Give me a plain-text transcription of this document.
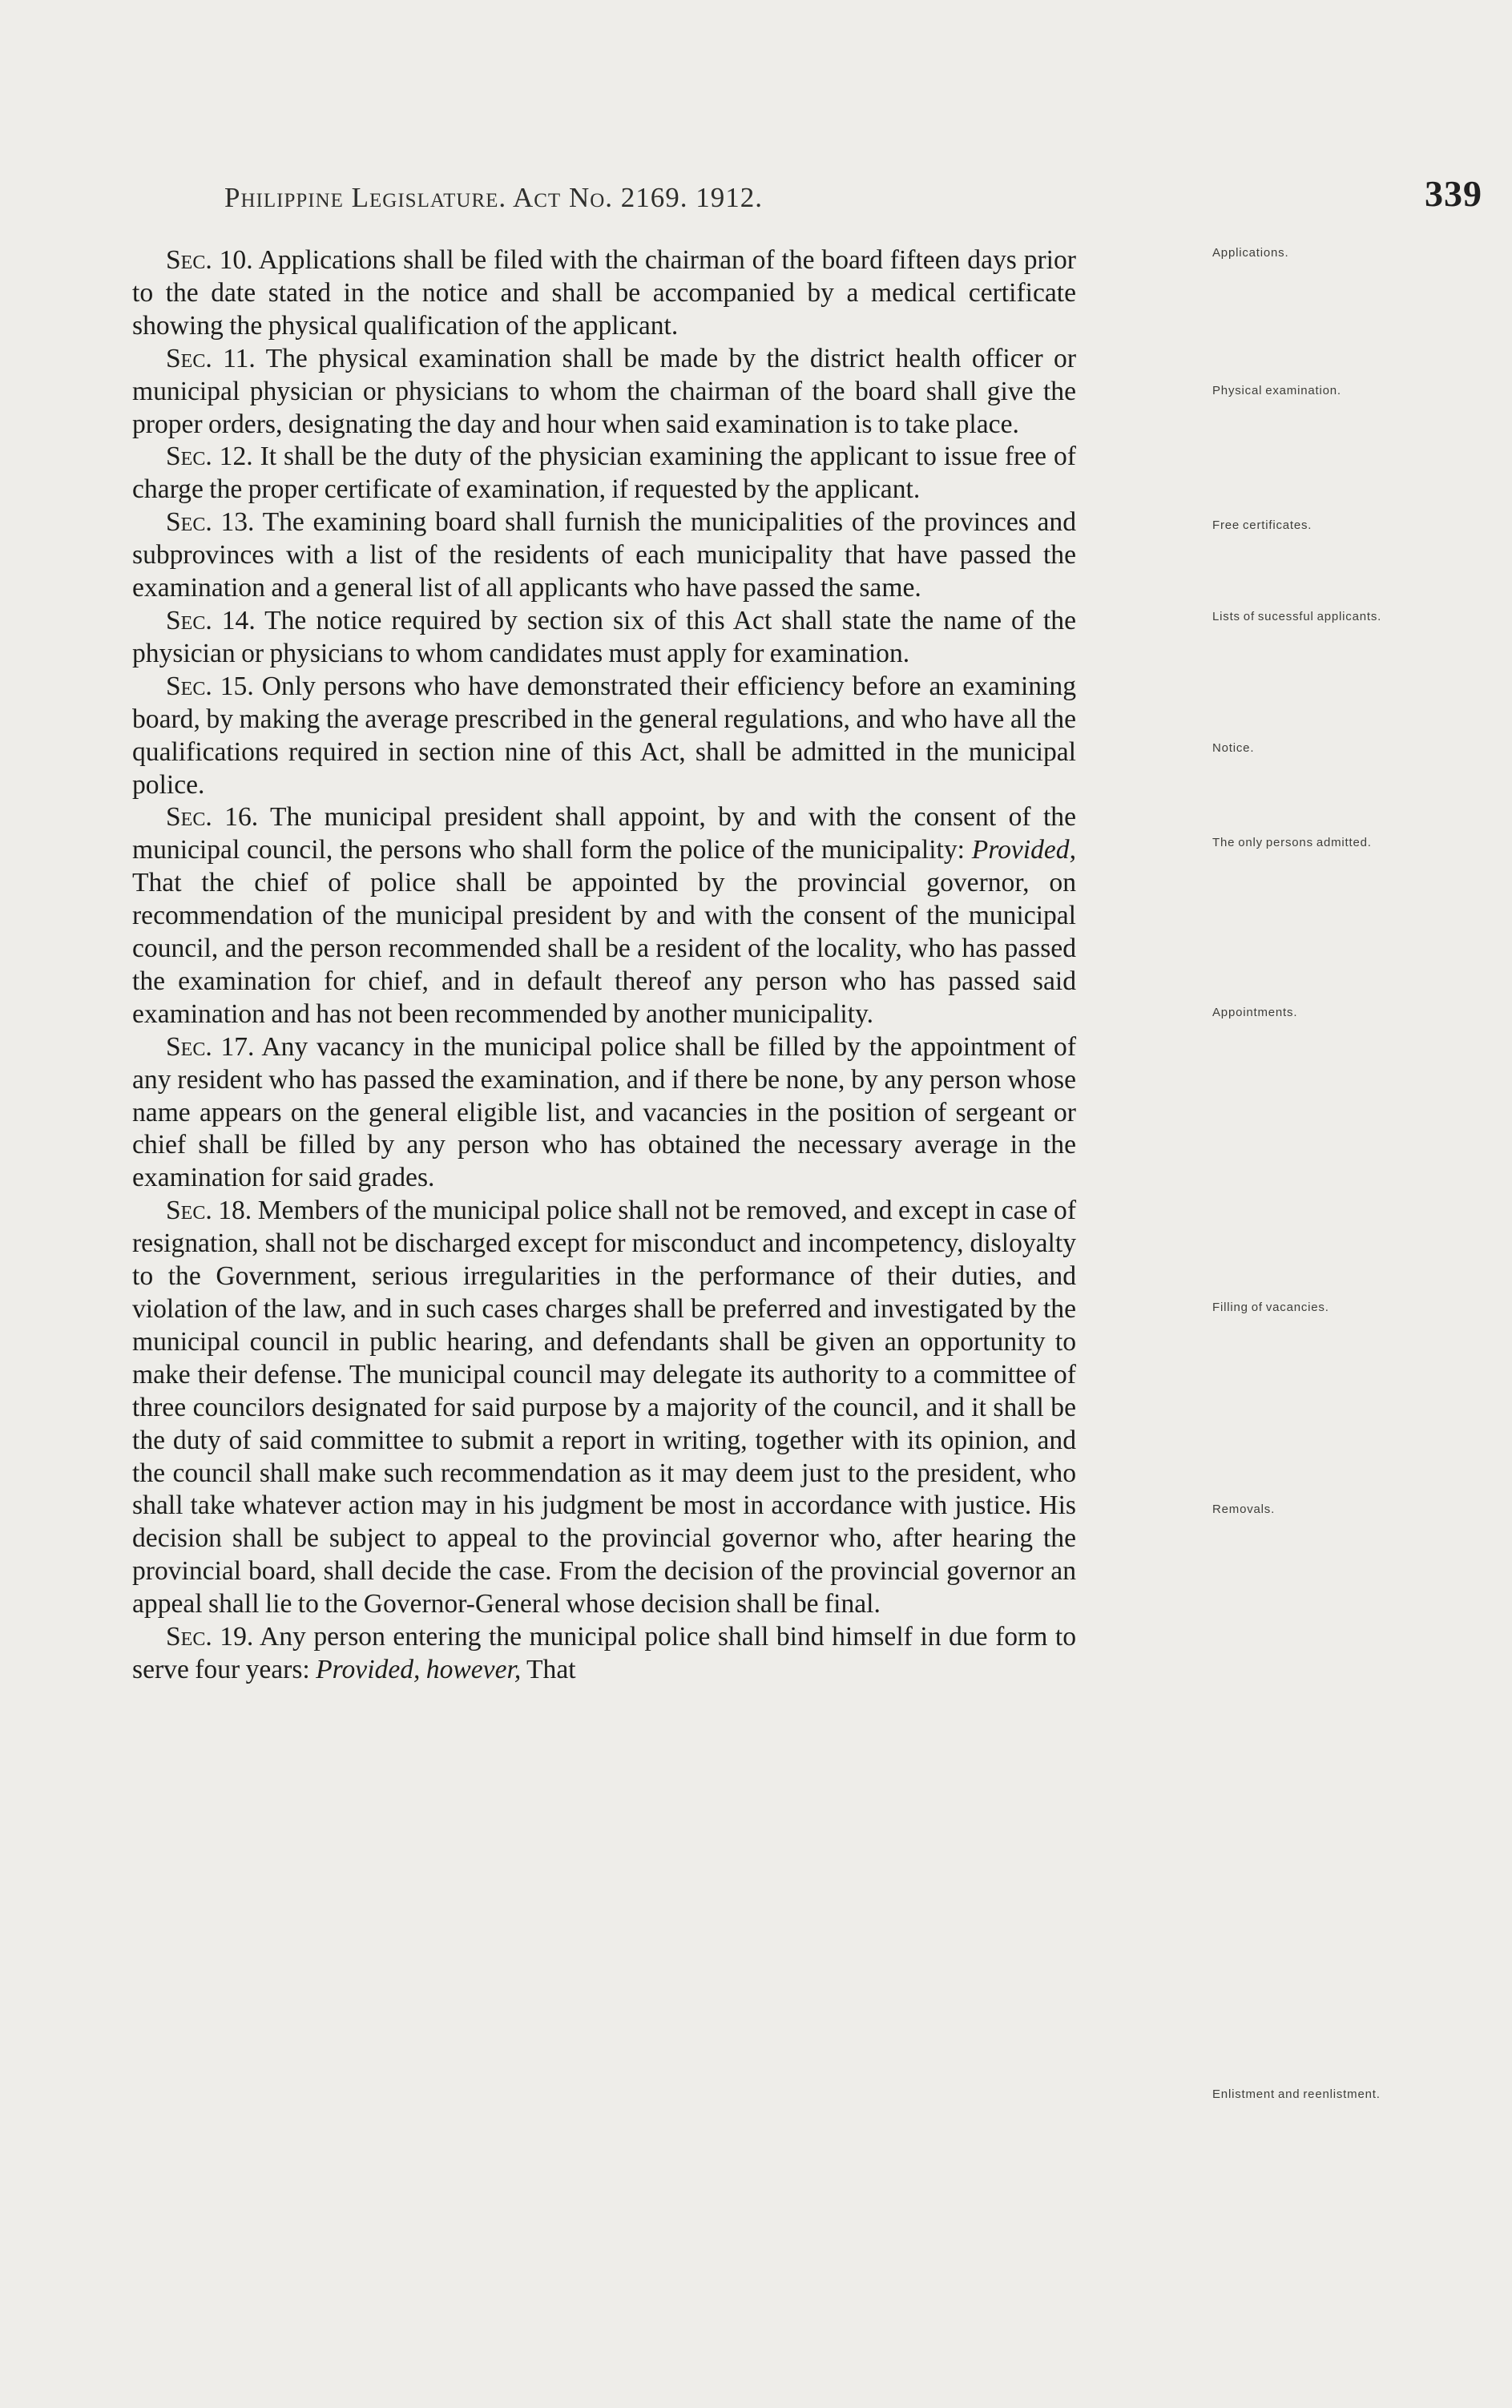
Philippine Legislature. Act No. 2169. 1912.	339

Sec. 10. Applications shall be filed with the chairman of the board fifteen days prior to the date stated in the notice and shall be accompanied by a medical certificate showing the physical qualification of the applicant.

Sec. 11. The physical examination shall be made by the district health officer or municipal physician or physicians to whom the chairman of the board shall give the proper orders, designating the day and hour when said examination is to take place.

Sec. 12. It shall be the duty of the physician examining the applicant to issue free of charge the proper certificate of examination, if requested by the applicant.

Sec. 13. The examining board shall furnish the municipalities of the provinces and subprovinces with a list of the residents of each municipality that have passed the examination and a general list of all applicants who have passed the same.

Sec. 14. The notice required by section six of this Act shall state the name of the physician or physicians to whom candidates must apply for examination.

Sec. 15. Only persons who have demonstrated their efficiency before an examining board, by making the average prescribed in the general regulations, and who have all the qualifications required in section nine of this Act, shall be admitted in the municipal police.

Sec. 16. The municipal president shall appoint, by and with the consent of the municipal council, the persons who shall form the police of the municipality: Provided, That the chief of police shall be appointed by the provincial governor, on recommendation of the municipal president by and with the consent of the municipal council, and the person recommended shall be a resident of the locality, who has passed the examination for chief, and in default thereof any person who has passed said examination and has not been recommended by another municipality.

Sec. 17. Any vacancy in the municipal police shall be filled by the appointment of any resident who has passed the examination, and if there be none, by any person whose name appears on the general eligible list, and vacancies in the position of sergeant or chief shall be filled by any person who has obtained the necessary average in the examination for said grades.

Sec. 18. Members of the municipal police shall not be removed, and except in case of resignation, shall not be discharged except for misconduct and incompetency, disloyalty to the Government, serious irregularities in the performance of their duties, and violation of the law, and in such cases charges shall be preferred and investigated by the municipal council in public hearing, and defendants shall be given an opportunity to make their defense. The municipal council may delegate its authority to a committee of three councilors designated for said purpose by a majority of the council, and it shall be the duty of said committee to submit a report in writing, together with its opinion, and the council shall make such recommendation as it may deem just to the president, who shall take whatever action may in his judgment be most in accordance with justice. His decision shall be subject to appeal to the provincial governor who, after hearing the provincial board, shall decide the case. From the decision of the provincial governor an appeal shall lie to the Governor-General whose decision shall be final.

Sec. 19. Any person entering the municipal police shall bind himself in due form to serve four years: Provided, however, That

Applications.
Physical examination.
Free certificates.
Lists of sucessful applicants.
Notice.
The only persons admitted.
Appointments.
Filling of vacancies.
Removals.
Enlistment and reenlistment.
